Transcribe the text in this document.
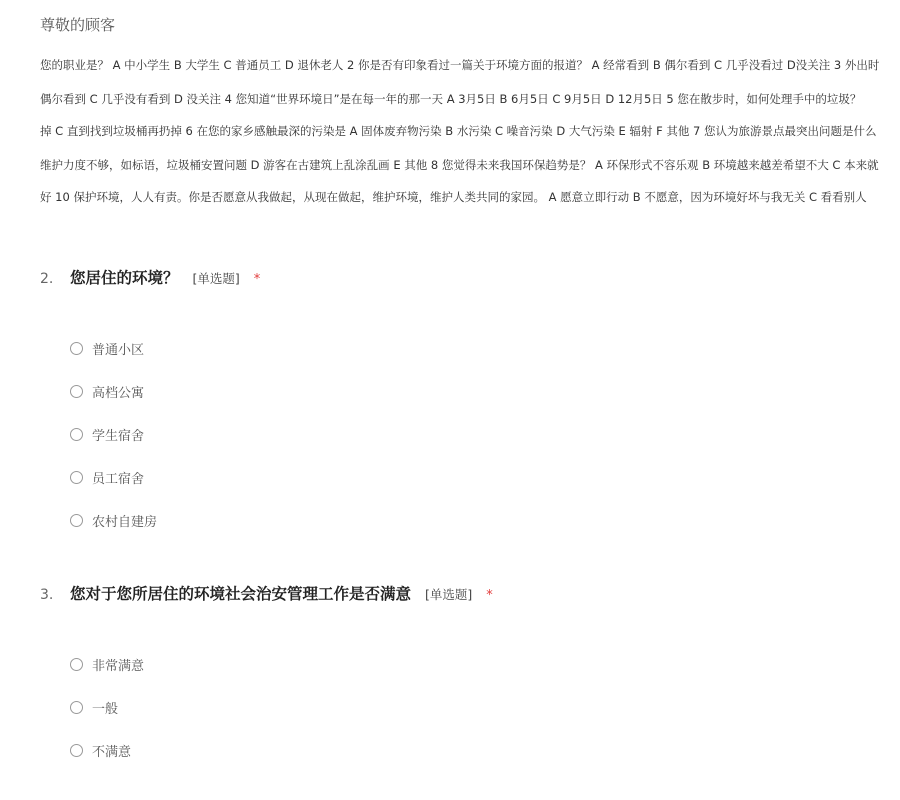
尊敬的顾客
您的职业是？ A 中小学生 B 大学生 C 普通员工 D 退休老人 2 你是否有印象看过一篇关于环境方面的报道？ A 经常看到 B 偶尔看到 C 几乎没看过 D没关注 3 外出时
偶尔看到 C 几乎没有看到 D 没关注 4 您知道“世界环境日”是在每一年的那一天 A 3月5日 B 6月5日 C 9月5日 D 12月5日 5 您在散步时，如何处理手中的垃圾？
掉 C 直到找到垃圾桶再扔掉 6 在您的家乡感触最深的污染是 A 固体废弃物污染 B 水污染 C 噪音污染 D 大气污染 E 辐射 F 其他 7 您认为旅游景点最突出问题是什么
维护力度不够，如标语，垃圾桶安置问题 D 游客在古建筑上乱涂乱画 E 其他 8 您觉得未来我国环保趋势是？ A 环保形式不容乐观 B 环境越来越差希望不大 C 本来就
好 10 保护环境，人人有责。你是否愿意从我做起，从现在做起，维护环境，维护人类共同的家园。 A 愿意立即行动 B 不愿意，因为环境好坏与我无关 C 看看别人
2.	您居住的环境？ [单选题] *
普通小区
高档公寓
学生宿舍
员工宿舍
农村自建房
3.	您对于您所居住的环境社会治安管理工作是否满意 [单选题] *
非常满意
一般
不满意
